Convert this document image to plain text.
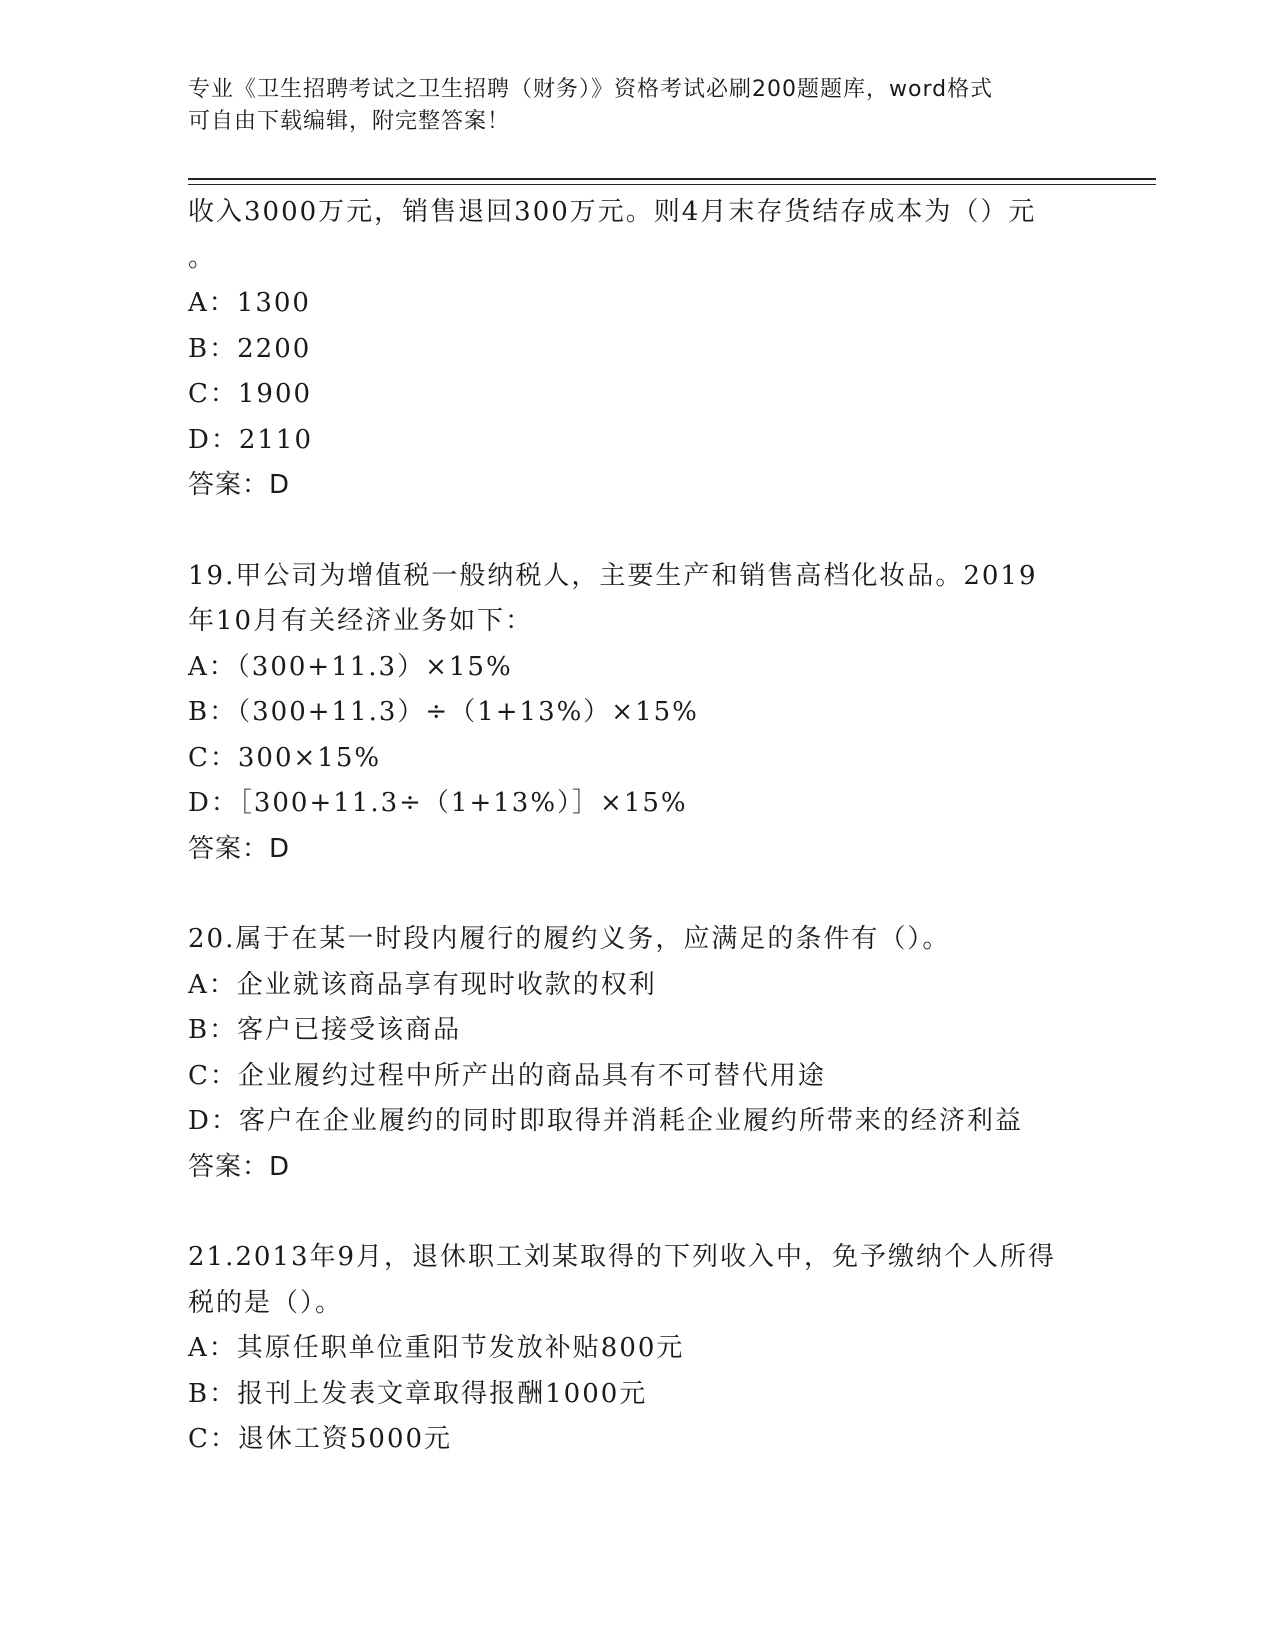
专业《卫生招聘考试之卫生招聘（财务）》资格考试必刷200题题库，word格式
可自由下载编辑，附完整答案！
收入3000万元，销售退回300万元。则4月末存货结存成本为（）元
。
A：1300
B：2200
C：1900
D：2110
答案：D
19.甲公司为增值税一般纳税人，主要生产和销售高档化妆品。2019
年10月有关经济业务如下：
A：（300+11.3）×15%
B：（300+11.3）÷（1+13%）×15%
C：300×15%
D：［300+11.3÷（1+13%）］×15%
答案：D
20.属于在某一时段内履行的履约义务，应满足的条件有（）。
A：企业就该商品享有现时收款的权利
B：客户已接受该商品
C：企业履约过程中所产出的商品具有不可替代用途
D：客户在企业履约的同时即取得并消耗企业履约所带来的经济利益
答案：D
21.2013年9月，退休职工刘某取得的下列收入中，免予缴纳个人所得
税的是（）。
A：其原任职单位重阳节发放补贴800元
B：报刊上发表文章取得报酬1000元
C：退休工资5000元
